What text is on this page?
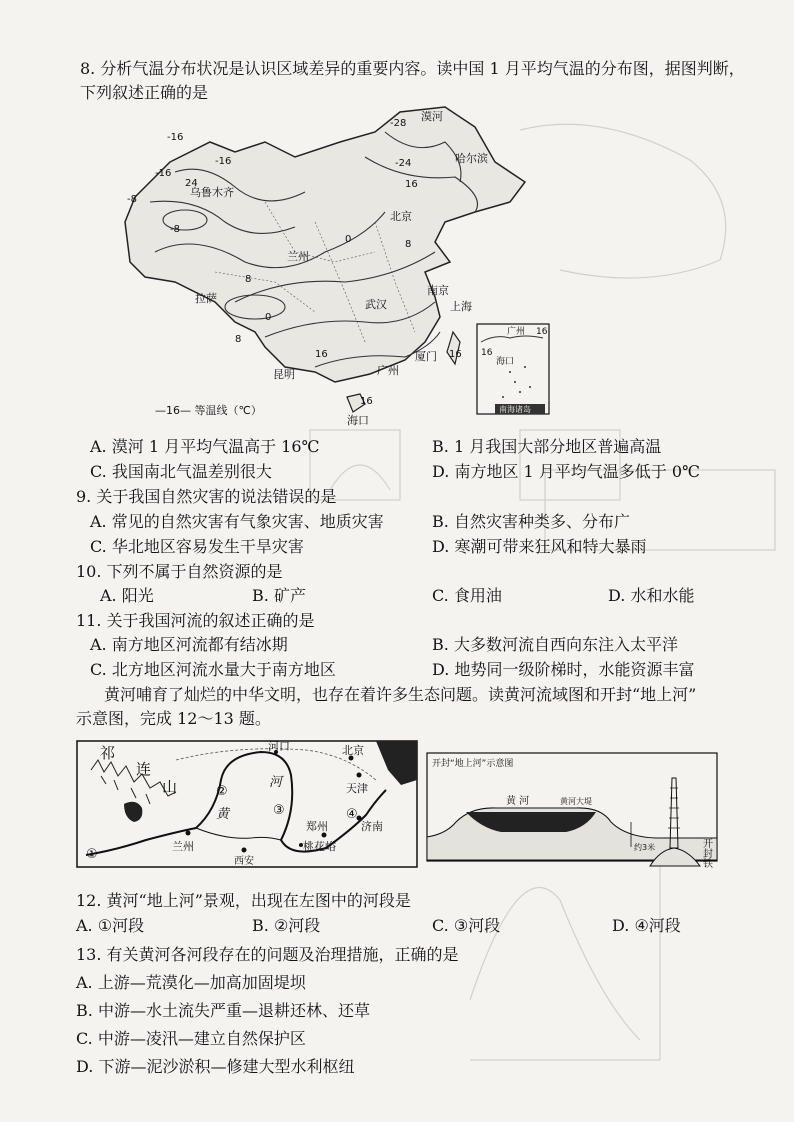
8. 分析气温分布状况是认识区域差异的重要内容。读中国 1 月平均气温的分布图，据图判断，
下列叙述正确的是
漠河
哈尔滨
乌鲁木齐
北京
兰州
拉萨
南京
上海
武汉
厦门
广州
昆明
海口
-28
-24
-16
-16
-16
-8
-8
24
0	8
16
16
16
16
8
0
8
—16— 等温线（℃）
广州 16
16
海口
南海诸岛
A. 漠河 1 月平均气温高于 16℃	B. 1 月我国大部分地区普遍高温
C. 我国南北气温差别很大	D. 南方地区 1 月平均气温多低于 0℃
9. 关于我国自然灾害的说法错误的是
A. 常见的自然灾害有气象灾害、地质灾害	B. 自然灾害种类多、分布广
C. 华北地区容易发生干旱灾害	D. 寒潮可带来狂风和特大暴雨
10. 下列不属于自然资源的是
A. 阳光	B. 矿产	C. 食用油	D. 水和水能
11. 关于我国河流的叙述正确的是
A. 南方地区河流都有结冰期	B. 大多数河流自西向东注入太平洋
C. 北方地区河流水量大于南方地区	D. 地势同一级阶梯时，水能资源丰富
黄河哺育了灿烂的中华文明，也存在着许多生态问题。读黄河流域图和开封“地上河”
示意图，完成 12～13 题。
祁
连
山
河口	北京
天津
河
黄
兰州
郑州	济南
桃花峪
西安
①
②
③	④
开封“地上河”示意图
黄 河	黄河大堤
约3米	开封铁塔
12. 黄河“地上河”景观，出现在左图中的河段是
A. ①河段	B. ②河段	C. ③河段	D. ④河段
13. 有关黄河各河段存在的问题及治理措施，正确的是
A. 上游—荒漠化—加高加固堤坝
B. 中游—水土流失严重—退耕还林、还草
C. 中游—凌汛—建立自然保护区
D. 下游—泥沙淤积—修建大型水利枢纽
